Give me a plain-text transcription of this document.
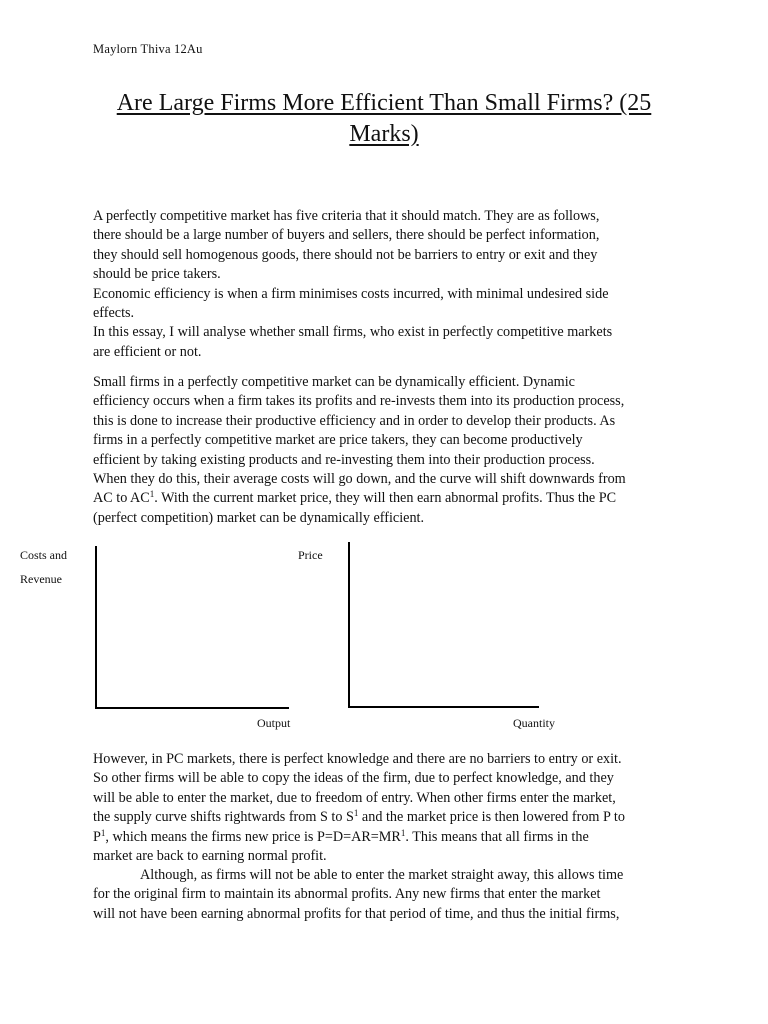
Maylorn Thiva 12Au
Are Large Firms More Efficient Than Small Firms? (25
Marks)

A perfectly competitive market has five criteria that it should match. They are as follows,
there should be a large number of buyers and sellers, there should be perfect information,
they should sell homogenous goods, there should not be barriers to entry or exit and they
should be price takers.
Economic efficiency is when a firm minimises costs incurred, with minimal undesired side
effects.
In this essay, I will analyse whether small firms, who exist in perfectly competitive markets
are efficient or not.

Small firms in a perfectly competitive market can be dynamically efficient. Dynamic
efficiency occurs when a firm takes its profits and re-invests them into its production process,
this is done to increase their productive efficiency and in order to develop their products. As
firms in a perfectly competitive market are price takers, they can become productively
efficient by taking existing products and re-investing them into their production process.
When they do this, their average costs will go down, and the curve will shift downwards from
AC to $AC^1$. With the current market price, they will then earn abnormal profits. Thus the PC
(perfect competition) market can be dynamically efficient.

Costs and
Revenue
Output
Price
Quantity

However, in PC markets, there is perfect knowledge and there are no barriers to entry or exit.
So other firms will be able to copy the ideas of the firm, due to perfect knowledge, and they
will be able to enter the market, due to freedom of entry. When other firms enter the market,
the supply curve shifts rightwards from S to $S^1$ and the market price is then lowered from P to
$P^1$, which means the firms new price is $P=D=AR=MR^1$. This means that all firms in the
market are back to earning normal profit.

Although, as firms will not be able to enter the market straight away, this allows time
for the original firm to maintain its abnormal profits. Any new firms that enter the market
will not have been earning abnormal profits for that period of time, and thus the initial firms,
